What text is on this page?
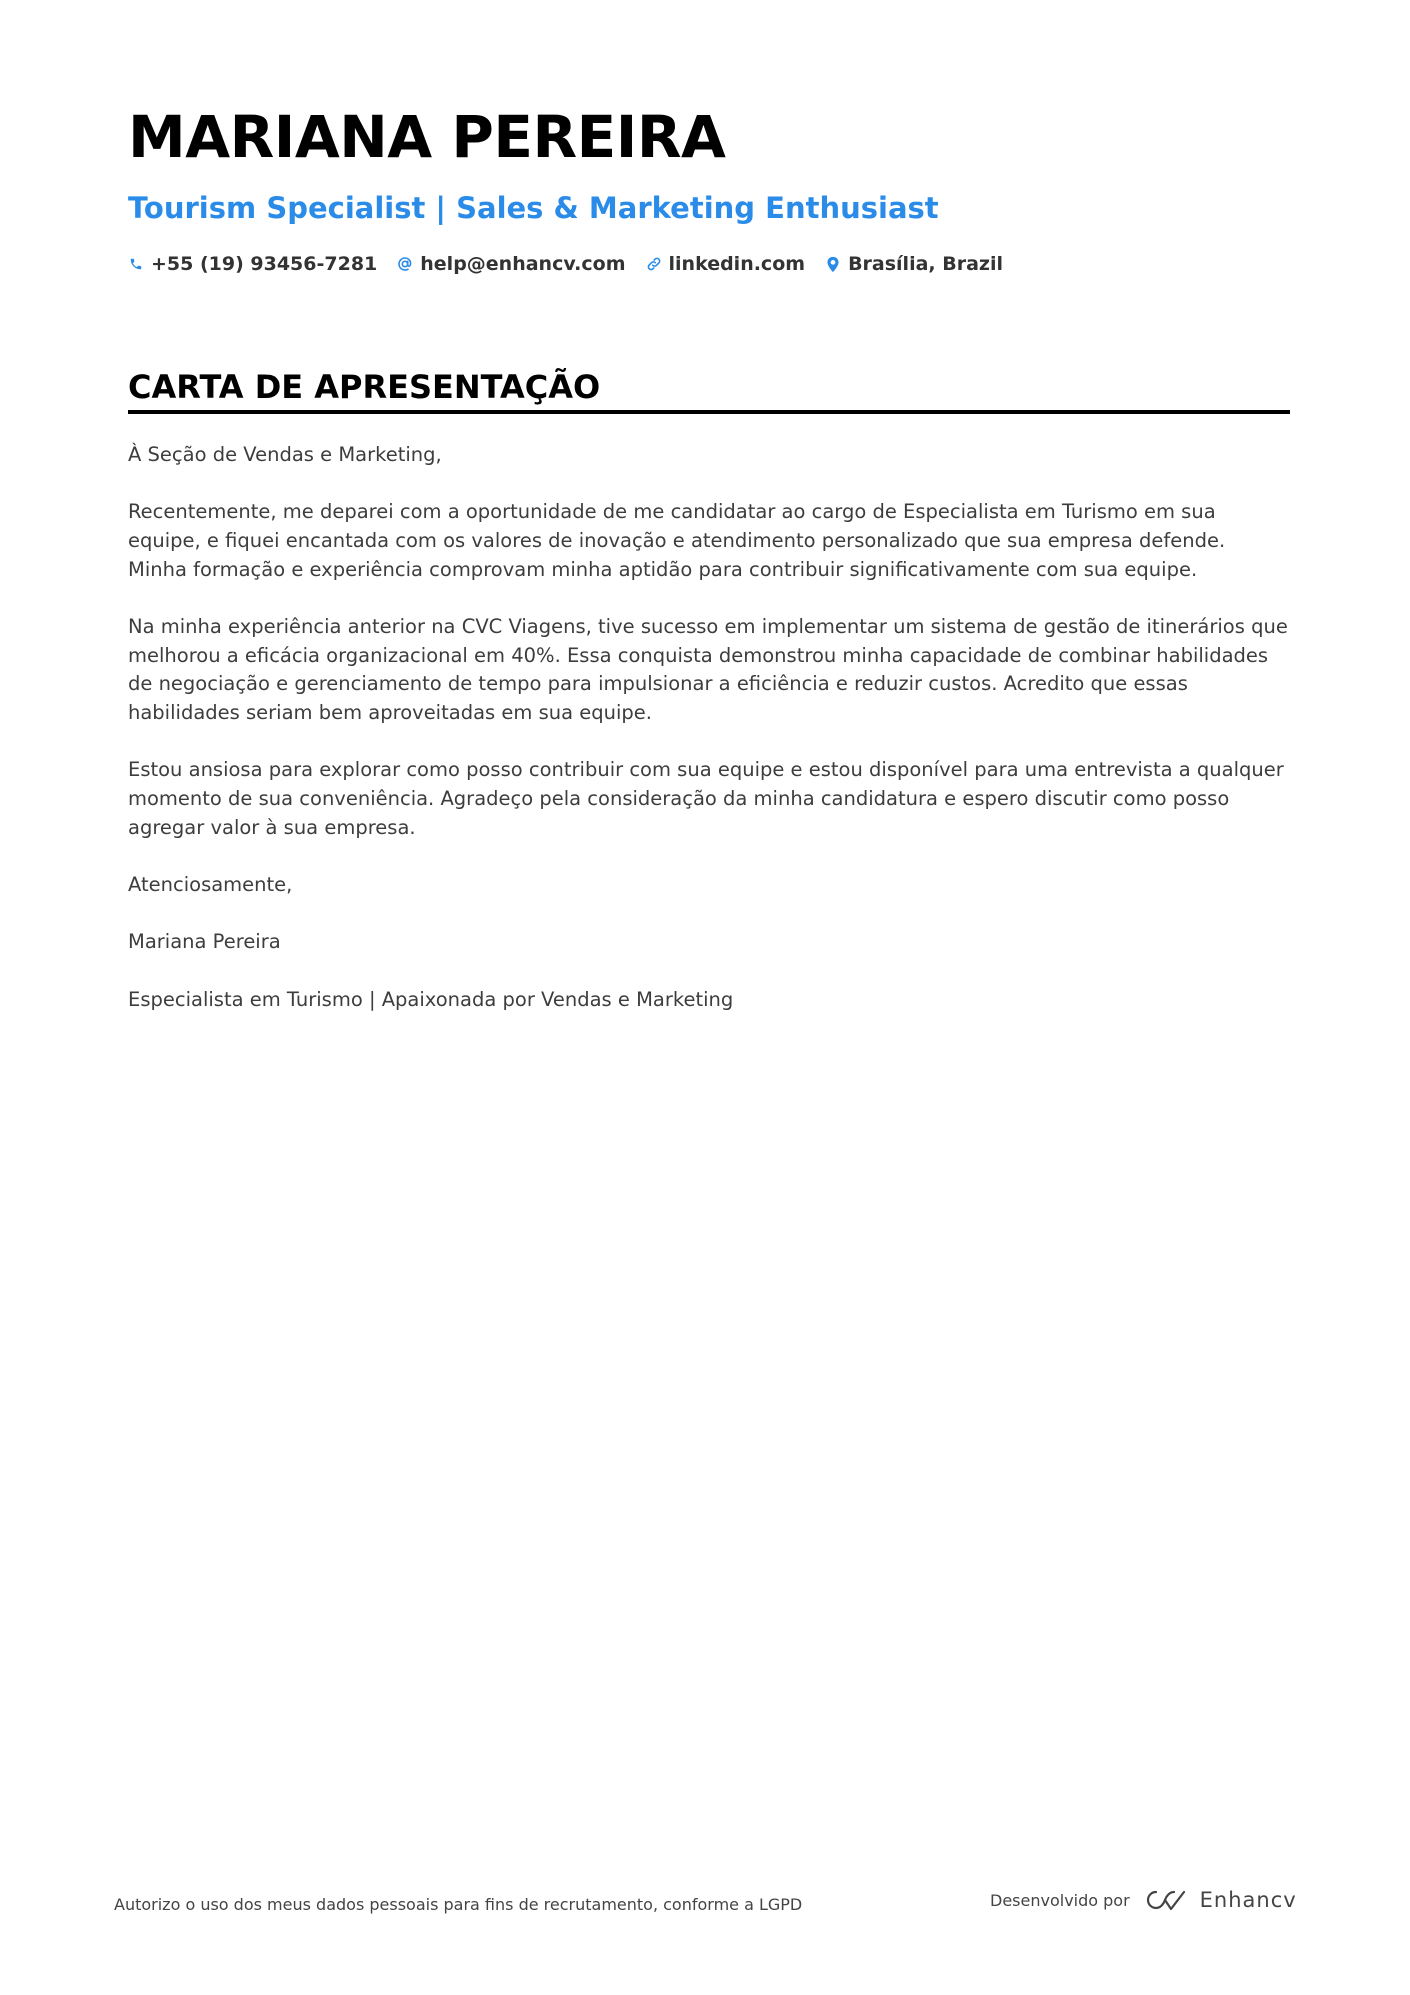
MARIANA PEREIRA
Tourism Specialist | Sales & Marketing Enthusiast
+55 (19) 93456-7281 help@enhancv.com linkedin.com Brasília, Brazil
CARTA DE APRESENTAÇÃO

À Seção de Vendas e Marketing,

Recentemente, me deparei com a oportunidade de me candidatar ao cargo de Especialista em Turismo em sua equipe, e fiquei encantada com os valores de inovação e atendimento personalizado que sua empresa defende. Minha formação e experiência comprovam minha aptidão para contribuir significativamente com sua equipe.

Na minha experiência anterior na CVC Viagens, tive sucesso em implementar um sistema de gestão de itinerários que melhorou a eficácia organizacional em 40%. Essa conquista demonstrou minha capacidade de combinar habilidades de negociação e gerenciamento de tempo para impulsionar a eficiência e reduzir custos. Acredito que essas habilidades seriam bem aproveitadas em sua equipe.

Estou ansiosa para explorar como posso contribuir com sua equipe e estou disponível para uma entrevista a qualquer momento de sua conveniência. Agradeço pela consideração da minha candidatura e espero discutir como posso agregar valor à sua empresa.

Atenciosamente,

Mariana Pereira

Especialista em Turismo | Apaixonada por Vendas e Marketing

Autorizo o uso dos meus dados pessoais para fins de recrutamento, conforme a LGPD	Desenvolvido por	Enhancv
